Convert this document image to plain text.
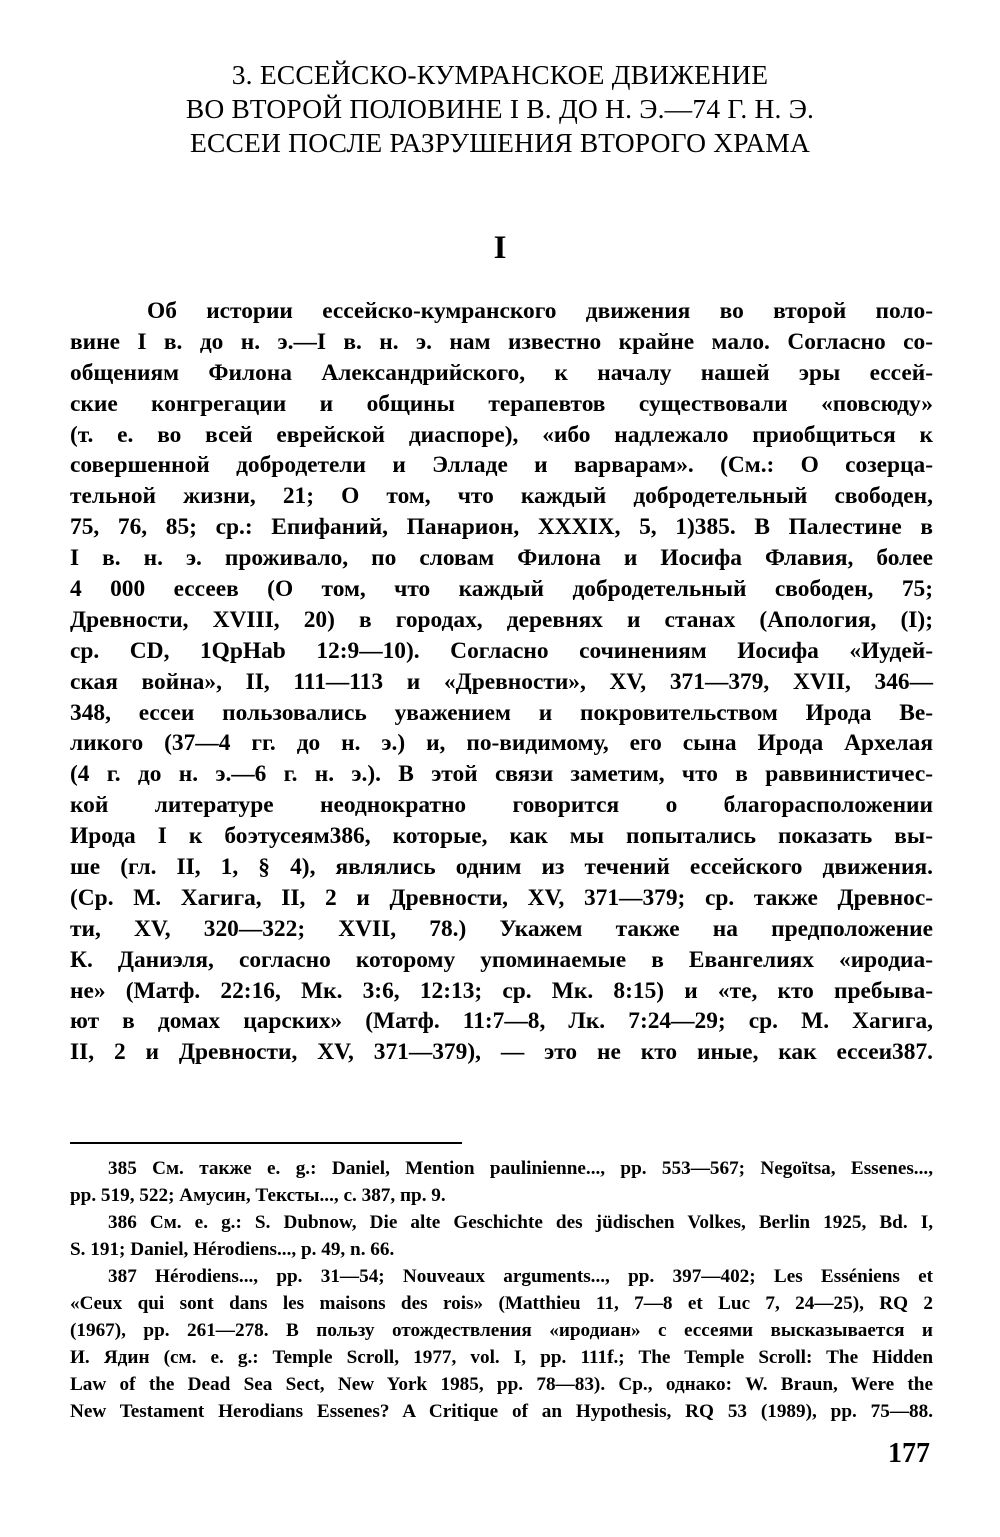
3. ЕССЕЙСКО-КУМРАНСКОЕ ДВИЖЕНИЕ
ВО ВТОРОЙ ПОЛОВИНЕ I В. ДО Н. Э.—74 Г. Н. Э.
ЕССЕИ ПОСЛЕ РАЗРУШЕНИЯ ВТОРОГО ХРАМА
I
Об истории ессейско-кумранского движения во второй поло-
вине I в. до н. э.—I в. н. э. нам известно крайне мало. Согласно со-
общениям Филона Александрийского, к началу нашей эры ессей-
ские конгрегации и общины терапевтов существовали «повсюду»
(т. е. во всей еврейской диаспоре), «ибо надлежало приобщиться к
совершенной добродетели и Элладе и варварам». (См.: О созерца-
тельной жизни, 21; О том, что каждый добродетельный свободен,
75, 76, 85; ср.: Епифаний, Панарион, XXXIX, 5, 1)385. В Палестине в
I в. н. э. проживало, по словам Филона и Иосифа Флавия, более
4 000 ессеев (О том, что каждый добродетельный свободен, 75;
Древности, XVIII, 20) в городах, деревнях и станах (Апология, (I);
ср. CD, 1QpHab 12:9—10). Согласно сочинениям Иосифа «Иудей-
ская война», II, 111—113 и «Древности», XV, 371—379, XVII, 346—
348, ессеи пользовались уважением и покровительством Ирода Ве-
ликого (37—4 гг. до н. э.) и, по-видимому, его сына Ирода Архелая
(4 г. до н. э.—6 г. н. э.). В этой связи заметим, что в раввинистичес-
кой литературе неоднократно говорится о благорасположении
Ирода I к боэтусеям386, которые, как мы попытались показать вы-
ше (гл. II, 1, § 4), являлись одним из течений ессейского движения.
(Ср. М. Хагига, II, 2 и Древности, XV, 371—379; ср. также Древнос-
ти, XV, 320—322; XVII, 78.) Укажем также на предположение
К. Даниэля, согласно которому упоминаемые в Евангелиях «иродиа-
не» (Матф. 22:16, Мк. 3:6, 12:13; ср. Мк. 8:15) и «те, кто пребыва-
ют в домах царских» (Матф. 11:7—8, Лк. 7:24—29; ср. М. Хагига,
II, 2 и Древности, XV, 371—379), — это не кто иные, как ессеи387.
385 См. также e. g.: Daniel, Mention paulinienne..., pp. 553—567; Negoïtsa, Essenes...,
pp. 519, 522; Амусин, Тексты..., с. 387, пр. 9.
386 См. e. g.: S. Dubnow, Die alte Geschichte des jüdischen Volkes, Berlin 1925, Bd. I,
S. 191; Daniel, Hérodiens..., p. 49, n. 66.
387 Hérodiens..., pp. 31—54; Nouveaux arguments..., pp. 397—402; Les Esséniens et
«Ceux qui sont dans les maisons des rois» (Matthieu 11, 7—8 et Luc 7, 24—25), RQ 2
(1967), pp. 261—278. В пользу отождествления «иродиан» с ессеями высказывается и
И. Ядин (см. e. g.: Temple Scroll, 1977, vol. I, pp. 111f.; The Temple Scroll: The Hidden
Law of the Dead Sea Sect, New York 1985, pp. 78—83). Ср., однако: W. Braun, Were the
New Testament Herodians Essenes? A Critique of an Hypothesis, RQ 53 (1989), pp. 75—88.
177
